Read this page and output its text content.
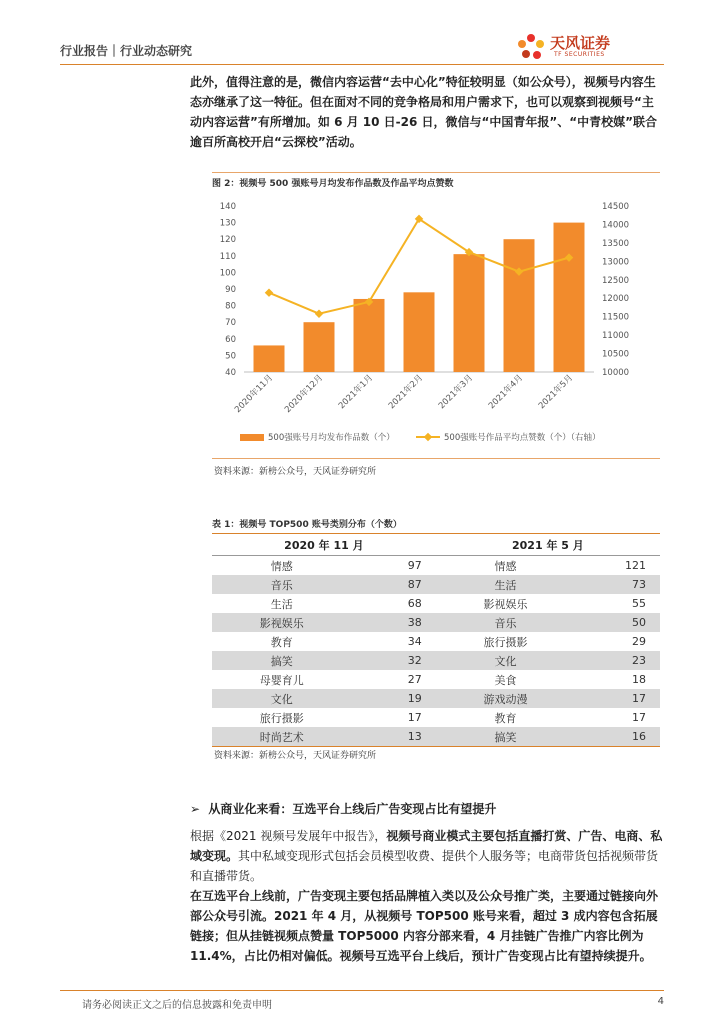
行业报告｜行业动态研究	天风证券
TF SECURITIES
此外，值得注意的是，微信内容运营“去中心化”特征较明显（如公众号），视频号内容生态亦继承了这一特征。但在面对不同的竞争格局和用户需求下，也可以观察到视频号“主动内容运营”有所增加。如 6 月 10 日-26 日，微信与“中国青年报”、“中青校媒”联合逾百所高校开启“云探校”活动。
图 2：视频号 500 强账号月均发布作品数及作品平均点赞数
40
50
60
70
80
90
100
110
120
130
140
10000
10500
11000
11500
12000
12500
13000
13500
14000
14500
2020年11月 2020年12月 2021年1月 2021年2月 2021年3月 2021年4月 2021年5月
500强账号月均发布作品数（个）	500强账号作品平均点赞数（个）（右轴）
资料来源：新榜公众号，天风证券研究所
表 1：视频号 TOP500 账号类别分布（个数）
2020 年 11 月		2021 年 5 月	
情感	97	情感	121
音乐	87	生活	73
生活	68	影视娱乐	55
影视娱乐	38	音乐	50
教育	34	旅行摄影	29
搞笑	32	文化	23
母婴育儿	27	美食	18
文化	19	游戏动漫	17
旅行摄影	17	教育	17
时尚艺术	13	搞笑	16
资料来源：新榜公众号，天风证券研究所
➢ 从商业化来看：互选平台上线后广告变现占比有望提升
根据《2021 视频号发展年中报告》，视频号商业模式主要包括直播打赏、广告、电商、私域变现。其中私域变现形式包括会员模型收费、提供个人服务等；电商带货包括视频带货和直播带货。
在互选平台上线前，广告变现主要包括品牌植入类以及公众号推广类，主要通过链接向外部公众号引流。2021 年 4 月，从视频号 TOP500 账号来看，超过 3 成内容包含拓展链接；但从挂链视频点赞量 TOP5000 内容分部来看，4 月挂链广告推广内容比例为 11.4%，占比仍相对偏低。视频号互选平台上线后，预计广告变现占比有望持续提升。
请务必阅读正文之后的信息披露和免责申明	4
